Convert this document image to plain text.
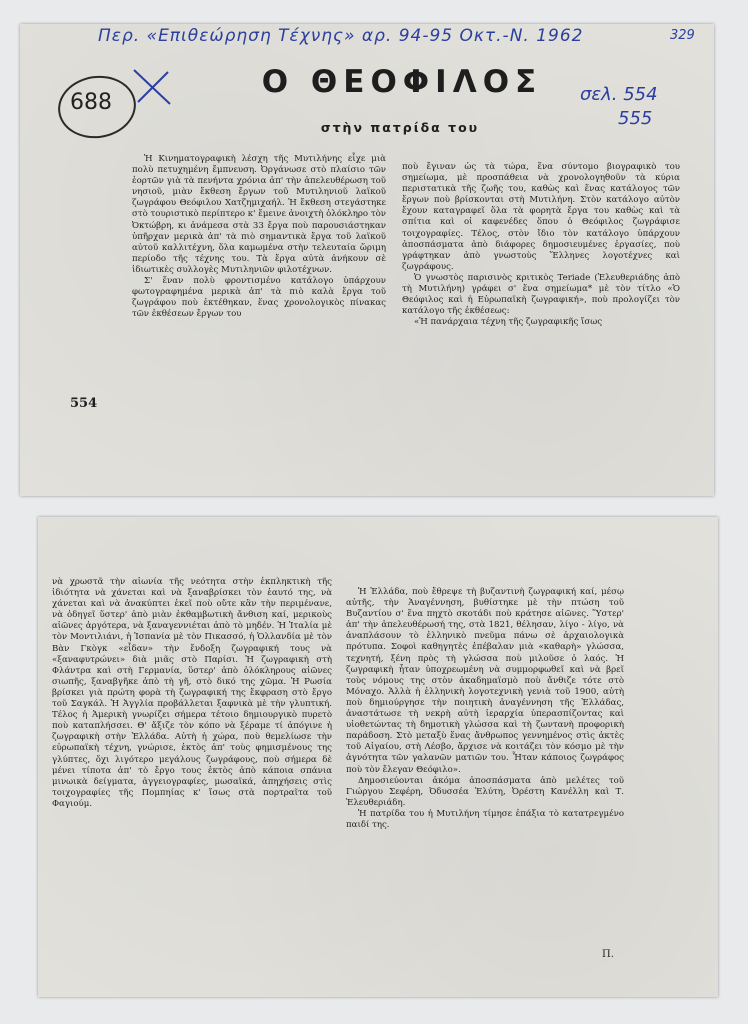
Περ. «Επιθεώρηση Τέχνης» αρ. 94-95 Οκτ.-Ν. 1962	329
σελ. 554
555
688
Ο ΘΕΟΦΙΛΟΣ
στὴν πατρίδα του

Ἡ Κινηματογραφικὴ λέσχη τῆς Μυτιλήνης εἶχε μιὰ πολὺ πετυχημένη ἔμπνευση. Ὀργάνωσε στὸ πλαίσιο τῶν ἑορτῶν γιὰ τὰ πενήντα χρόνια ἀπ' τὴν ἀπελευθέρωση τοῦ νησιοῦ, μιὰν ἔκθεση ἔργων τοῦ Μυτιληνιοῦ λαϊκοῦ ζωγράφου Θεόφιλου Χατζημιχαήλ. Ἡ ἔκθεση στεγάστηκε στὸ τουριστικὸ περίπτερο κ' ἔμεινε ἀνοιχτὴ ὁλόκληρο τὸν Ὀκτώβρη, κι ἀνάμεσα στὰ 33 ἔργα ποὺ παρουσιάστηκαν ὑπῆρχαν μερικὰ ἀπ' τὰ πιὸ σημαντικὰ ἔργα τοῦ λαϊκοῦ αὐτοῦ καλλιτέχνη, ὅλα καμωμένα στὴν τελευταία ὥριμη περίοδο τῆς τέχνης του. Τὰ ἔργα αὐτὰ ἀνήκουν σὲ ἰδιωτικὲς συλλογὲς Μυτιληνιῶν φιλοτέχνων.

Σ' ἕναν πολὺ φροντισμένο κατάλογο ὑπάρχουν φωτογραφημένα μερικὰ ἀπ' τὰ πιὸ καλὰ ἔργα τοῦ ζωγράφου ποὺ ἐκτέθηκαν, ἕνας χρονολογικὸς πίνακας τῶν ἐκθέσεων ἔργων του

ποὺ ἔγιναν ὡς τὰ τώρα, ἕνα σύντομο βιογραφικὸ του σημείωμα, μὲ προσπάθεια νὰ χρονολογηθοῦν τὰ κύρια περιστατικὰ τῆς ζωῆς του, καθὼς καὶ ἕνας κατάλογος τῶν ἔργων ποὺ βρίσκονται στὴ Μυτιλήνη. Στὸν κατάλογο αὐτὸν ἔχουν καταγραφεῖ ὅλα τὰ φορητὰ ἔργα του καθὼς καὶ τὰ σπίτια καὶ οἱ καφενέδες ὅπου ὁ Θεόφιλος ζωγράφισε τοιχογραφίες. Τέλος, στὸν ἴδιο τὸν κατάλογο ὑπάρχουν ἀποσπάσματα ἀπὸ διάφορες δημοσιευμένες ἐργασίες, ποὺ γράφτηκαν ἀπὸ γνωστοὺς Ἕλληνες λογοτέχνες καὶ ζωγράφους.

Ὁ γνωστὸς παρισινὸς κριτικὸς Teriade (Ἐλευθεριάδης ἀπὸ τὴ Μυτιλήνη) γράφει σ' ἕνα σημείωμα* μὲ τὸν τίτλο «Ὁ Θεόφιλος καὶ ἡ Εὐρωπαϊκὴ ζωγραφική», ποὺ προλογίζει τὸν κατάλογο τῆς ἐκθέσεως:

«Ἡ πανάρχαια τέχνη τῆς ζωγραφικῆς ἴσως

554

νὰ χρωστᾶ τὴν αἰωνία τῆς νεότητα στὴν ἐκπληκτικὴ τῆς ἰδιότητα νὰ χάνεται καὶ νὰ ξαναβρίσκει τὸν ἑαυτό της, νὰ χάνεται καὶ νὰ ἀνακύπτει ἐκεῖ ποὺ οὔτε κἂν τὴν περιμένανε, νὰ ὁδηγεῖ ὕστερ' ἀπὸ μιὰν ἐκθαμβωτικὴ ἄνθιση καί, μερικοὺς αἰῶνες ἀργότερα, νὰ ξαναγεννιέται ἀπὸ τὸ μηδέν. Ἡ Ἰταλία μὲ τὸν Μοντιλιάνι, ἡ Ἱσπανία μὲ τὸν Πικασσό, ἡ Ὁλλανδία μὲ τὸν Βὰν Γκὸγκ «εἶδαν» τὴν ἔνδοξη ζωγραφική τους νὰ «ξαναφυτρώνει» διὰ μιᾶς στὸ Παρίσι. Ἡ ζωγραφικὴ στὴ Φλάντρα καὶ στὴ Γερμανία, ὕστερ' ἀπὸ ὁλόκληρους αἰῶνες σιωπῆς, ξαναβγῆκε ἀπὸ τὴ γῆ, στὸ δικό της χῶμα. Ἡ Ρωσία βρίσκει γιὰ πρώτη φορὰ τὴ ζωγραφική της ἔκφραση στὸ ἔργο τοῦ Σαγκάλ. Ἡ Ἀγγλία προβάλλεται ξαφνικὰ μὲ τὴν γλυπτική. Τέλος ἡ Ἀμερικὴ γνωρίζει σήμερα τέτοιο δημιουργικὸ πυρετὸ ποὺ καταπλήσσει. Θ' ἄξιζε τὸν κόπο νὰ ξέραμε τί ἀπόγινε ἡ ζωγραφικὴ στὴν Ἑλλάδα. Αὐτὴ ἡ χώρα, ποὺ θεμελίωσε τὴν εὐρωπαϊκὴ τέχνη, γνώρισε, ἐκτὸς ἀπ' τοὺς φημισμένους της γλύπτες, ὄχι λιγότερο μεγάλους ζωγράφους, ποὺ σήμερα δὲ μένει τίποτα ἀπ' τὸ ἔργο τους ἐκτὸς ἀπὸ κάποια σπάνια μινωικὰ δείγματα, ἀγγειογραφίες, μωσαϊκά, ἀπηχήσεις στὶς τοιχογραφίες τῆς Πομπηίας κ' ἴσως στὰ πορτραῖτα τοῦ Φαγιούμ.

Ἡ Ἑλλάδα, ποὺ ἔθρεψε τὴ βυζαντινὴ ζωγραφική καί, μέσῳ αὐτῆς, τὴν Ἀναγέννηση, βυθίστηκε μὲ τὴν πτώση τοῦ Βυζαντίου σ' ἕνα πηχτὸ σκοτάδι ποὺ κράτησε αἰῶνες. Ὕστερ' ἀπ' τὴν ἀπελευθέρωσή της, στὰ 1821, θέλησαν, λίγο - λίγο, νὰ ἀναπλάσουν τὸ ἑλληνικὸ πνεῦμα πάνω σὲ ἀρχαιολογικὰ πρότυπα. Σοφοὶ καθηγητὲς ἐπέβαλαν μιὰ «καθαρὴ» γλώσσα, τεχνητή, ξένη πρὸς τὴ γλώσσα ποὺ μιλοῦσε ὁ λαός. Ἡ ζωγραφικὴ ἦταν ὑποχρεωμένη νὰ συμμορφωθεῖ καὶ νὰ βρεῖ τοὺς νόμους της στὸν ἀκαδημαϊσμὸ ποὺ ἄνθιζε τότε στὸ Μόναχο. Ἀλλὰ ἡ ἑλληνικὴ λογοτεχνικὴ γενιὰ τοῦ 1900, αὐτὴ ποὺ δημιούργησε τὴν ποιητικὴ ἀναγέννηση τῆς Ἑλλάδας, ἀναστάτωσε τὴ νεκρὴ αὐτὴ ἱεραρχία ὑπερασπίζοντας καὶ υἱοθετώντας τὴ δημοτικὴ γλώσσα καὶ τὴ ζωντανὴ προφορικὴ παράδοση. Στὸ μεταξὺ ἕνας ἄνθρωπος γεννημένος στὶς ἀκτὲς τοῦ Αἰγαίου, στὴ Λέσβο, ἄρχισε νὰ κοιτάζει τὸν κόσμο μὲ τὴν ἁγνότητα τῶν γαλανῶν ματιῶν του. Ἦταν κάποιος ζωγράφος ποὺ τὸν ἔλεγαν Θεόφιλο».

Δημοσιεύονται ἀκόμα ἀποσπάσματα ἀπὸ μελέτες τοῦ Γιώργου Σεφέρη, Ὀδυσσέα Ἐλύτη, Ὀρέστη Κανέλλη καὶ Τ. Ἐλευθεριάδη.

Ἡ πατρίδα του ἡ Μυτιλήνη τίμησε ἐπάξια τὸ κατατρεγμένο παιδί της.

Π.
